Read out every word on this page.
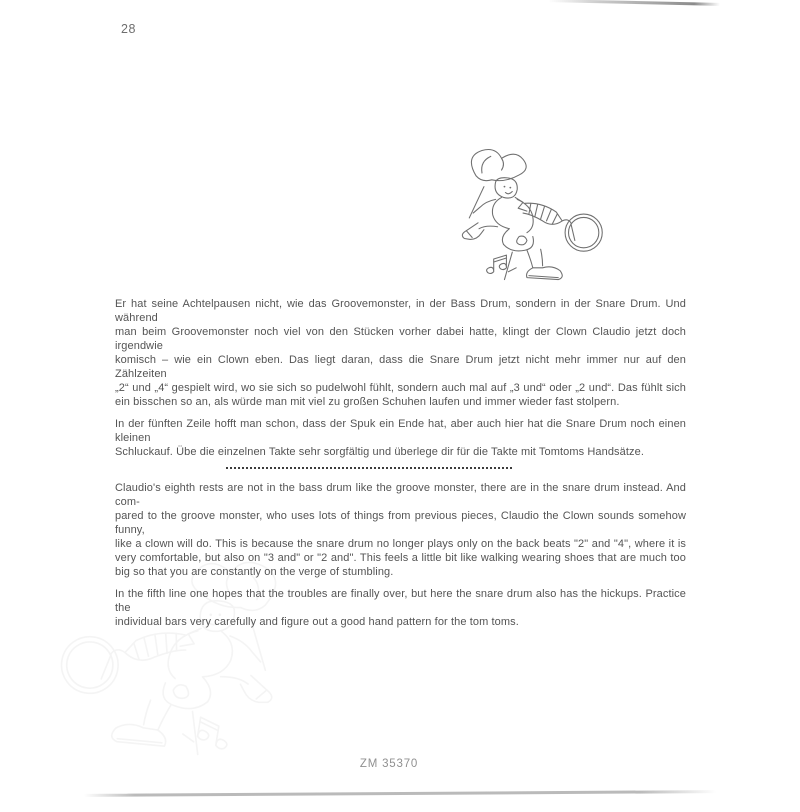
28
Er hat seine Achtelpausen nicht, wie das Groovemonster, in der Bass Drum, sondern in der Snare Drum. Und während
man beim Groovemonster noch viel von den Stücken vorher dabei hatte, klingt der Clown Claudio jetzt doch irgendwie
komisch – wie ein Clown eben. Das liegt daran, dass die Snare Drum jetzt nicht mehr immer nur auf den Zählzeiten
„2“ und „4“ gespielt wird, wo sie sich so pudelwohl fühlt, sondern auch mal auf „3 und“ oder „2 und“. Das fühlt sich
ein bisschen so an, als würde man mit viel zu großen Schuhen laufen und immer wieder fast stolpern.
In der fünften Zeile hofft man schon, dass der Spuk ein Ende hat, aber auch hier hat die Snare Drum noch einen kleinen
Schluckauf. Übe die einzelnen Takte sehr sorgfältig und überlege dir für die Takte mit Tomtoms Handsätze.
Claudio's eighth rests are not in the bass drum like the groove monster, there are in the snare drum instead. And com-
pared to the groove monster, who uses lots of things from previous pieces, Claudio the Clown sounds somehow funny,
like a clown will do. This is because the snare drum no longer plays only on the back beats "2" and "4", where it is
very comfortable, but also on "3 and" or "2 and". This feels a little bit like walking wearing shoes that are much too
big so that you are constantly on the verge of stumbling.
In the fifth line one hopes that the troubles are finally over, but here the snare drum also has the hickups. Practice the
individual bars very carefully and figure out a good hand pattern for the tom toms.
ZM 35370
